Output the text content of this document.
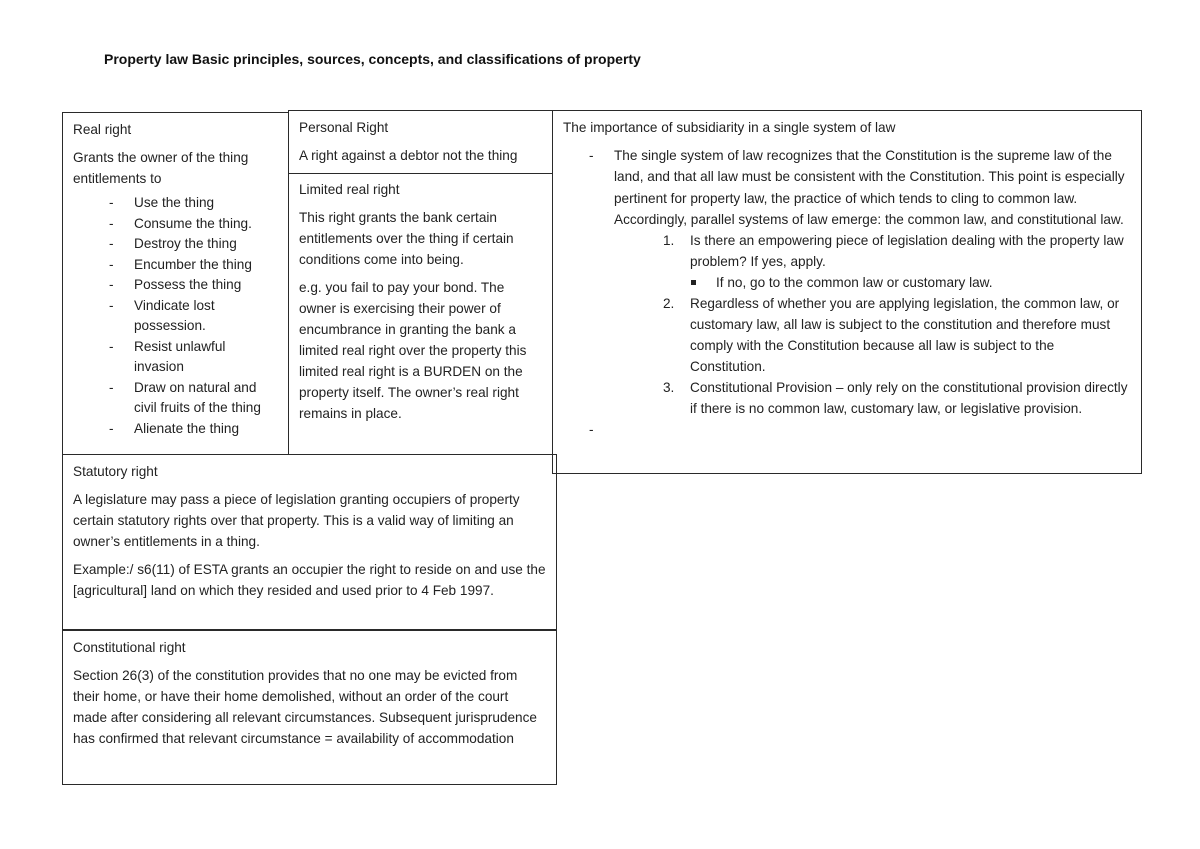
Property law Basic principles, sources, concepts, and classifications of property

Real right

Grants the owner of the thing entitlements to

- Use the thing
- Consume the thing.
- Destroy the thing
- Encumber the thing
- Possess the thing
- Vindicate lost possession.
- Resist unlawful invasion
- Draw on natural and civil fruits of the thing
- Alienate the thing

Personal Right

A right against a debtor not the thing

Limited real right

This right grants the bank certain entitlements over the thing if certain conditions come into being.

e.g. you fail to pay your bond. The owner is exercising their power of encumbrance in granting the bank a limited real right over the property this limited real right is a BURDEN on the property itself. The owner’s real right remains in place.

The importance of subsidiarity in a single system of law

- The single system of law recognizes that the Constitution is the supreme law of the land, and that all law must be consistent with the Constitution. This point is especially pertinent for property law, the practice of which tends to cling to common law. Accordingly, parallel systems of law emerge: the common law, and constitutional law.
1. Is there an empowering piece of legislation dealing with the property law problem? If yes, apply.
If no, go to the common law or customary law.
2. Regardless of whether you are applying legislation, the common law, or customary law, all law is subject to the constitution and therefore must comply with the Constitution because all law is subject to the Constitution.
3. Constitutional Provision – only rely on the constitutional provision directly if there is no common law, customary law, or legislative provision.

Statutory right

A legislature may pass a piece of legislation granting occupiers of property certain statutory rights over that property. This is a valid way of limiting an owner’s entitlements in a thing.

Example:/ s6(11) of ESTA grants an occupier the right to reside on and use the [agricultural] land on which they resided and used prior to 4 Feb 1997.

Constitutional right

Section 26(3) of the constitution provides that no one may be evicted from their home, or have their home demolished, without an order of the court made after considering all relevant circumstances. Subsequent jurisprudence has confirmed that relevant circumstance = availability of accommodation
